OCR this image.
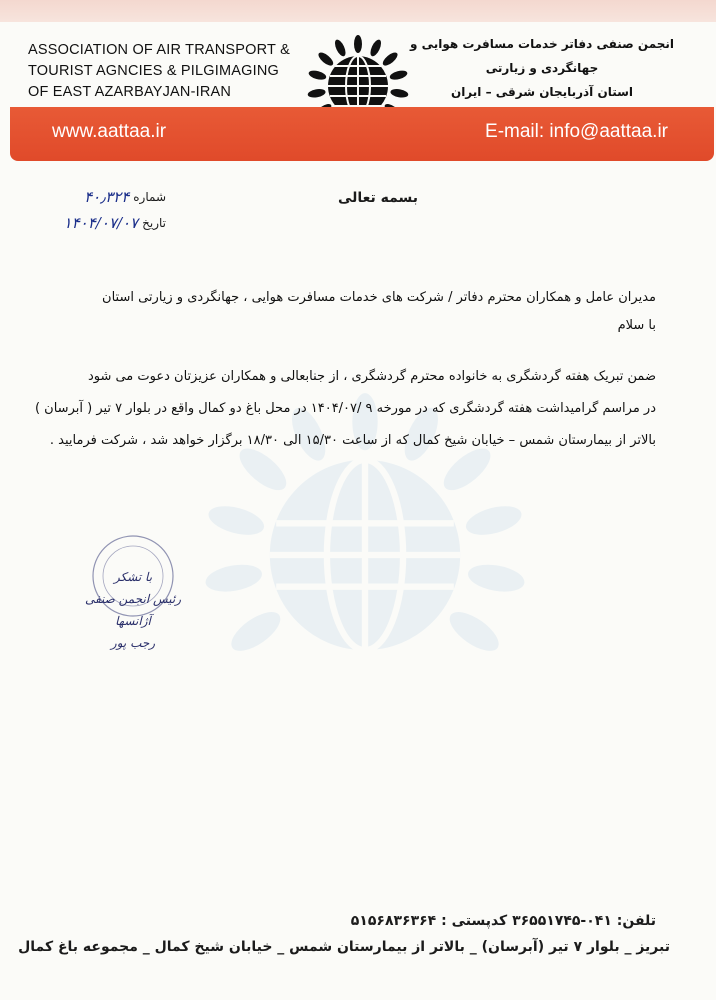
ASSOCIATION OF AIR TRANSPORT &
TOURIST AGNCIES & PILGIMAGING
OF EAST AZARBAYJAN-IRAN
انجمن صنفی دفاتر خدمات مسافرت هوایی و جهانگردی و زیارتی
استان آذربایجان شرقی – ایران
www.aattaa.ir	E-mail: info@aattaa.ir
بسمه تعالی
شماره
۴۰٫۳۲۴
تاریخ
۱۴۰۴/۰۷/۰۷
مدیران عامل و همکاران محترم دفاتر / شرکت های خدمات مسافرت هوایی ، جهانگردی و زیارتی استان
با سلام
ضمن تبریک هفته گردشگری به خانواده محترم گردشگری ، از جنابعالی و همکاران عزیزتان دعوت می شود
در مراسم گرامیداشت هفته گردشگری که در مورخه ۹ /۱۴۰۴/۰۷ در محل باغ دو کمال واقع در بلوار ۷ تیر ( آبرسان )
بالاتر از بیمارستان شمس – خیابان شیخ کمال که از ساعت ۱۵/۳۰ الی ۱۸/۳۰ برگزار خواهد شد ، شرکت فرمایید .
با تشکر
رئیس انجمن صنفی آژانسها
رجب پور
تلفن: ۰۴۱-۳۶۵۵۱۷۴۵ کدپستی : ۵۱۵۶۸۳۶۳۶۴
تبریز _ بلوار ۷ تیر (آبرسان) _ بالاتر از بیمارستان شمس _ خیابان شیخ کمال _ مجموعه باغ کمال
